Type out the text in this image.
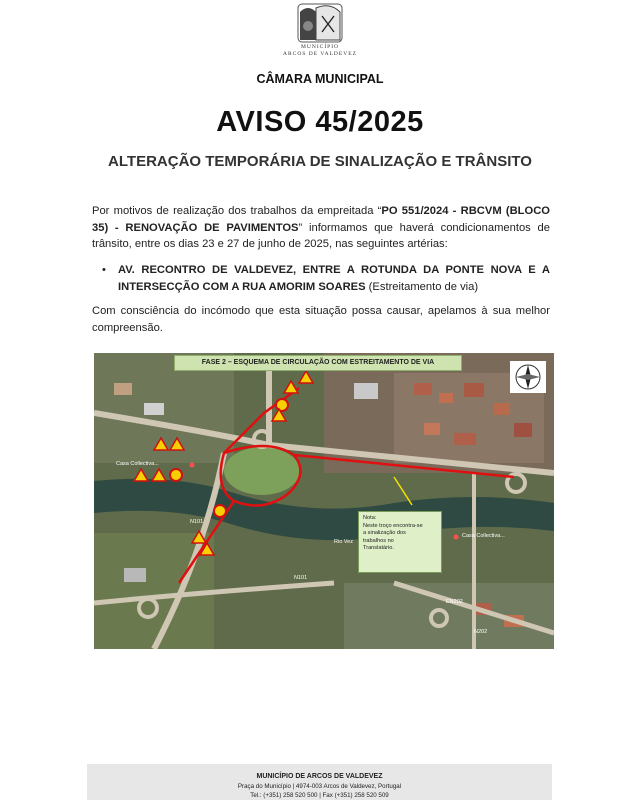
MUNICÍPIO
ARCOS DE VALDEVEZ
CÂMARA MUNICIPAL
AVISO 45/2025
ALTERAÇÃO TEMPORÁRIA DE SINALIZAÇÃO E TRÂNSITO
Por motivos de realização dos trabalhos da empreitada “PO 551/2024 - RBCVM (BLOCO 35) - RENOVAÇÃO DE PAVIMENTOS” informamos que haverá condicionamentos de trânsito, entre os dias 23 e 27 de junho de 2025, nas seguintes artérias:
• AV. RECONTRO DE VALDEVEZ, ENTRE A ROTUNDA DA PONTE NOVA E A INTERSECÇÃO COM A RUA AMORIM SOARES (Estreitamento de via)
Com consciência do incómodo que esta situação possa causar, apelamos à sua melhor compreensão.
FASE 2 – ESQUEMA DE CIRCULAÇÃO COM ESTREITAMENTO DE VIA
Nota:
Neste troço encontra-se
a sinalização dos
trabalhos no
Translatário.
Casa Collectiva...
Casa Collectiva...
Rio Vez
N101
N101
EN202
N202
MUNICÍPIO DE ARCOS DE VALDEVEZ
Praça do Município | 4974-003 Arcos de Valdevez, Portugal
Tel.: (+351) 258 520 500 | Fax (+351) 258 520 509
